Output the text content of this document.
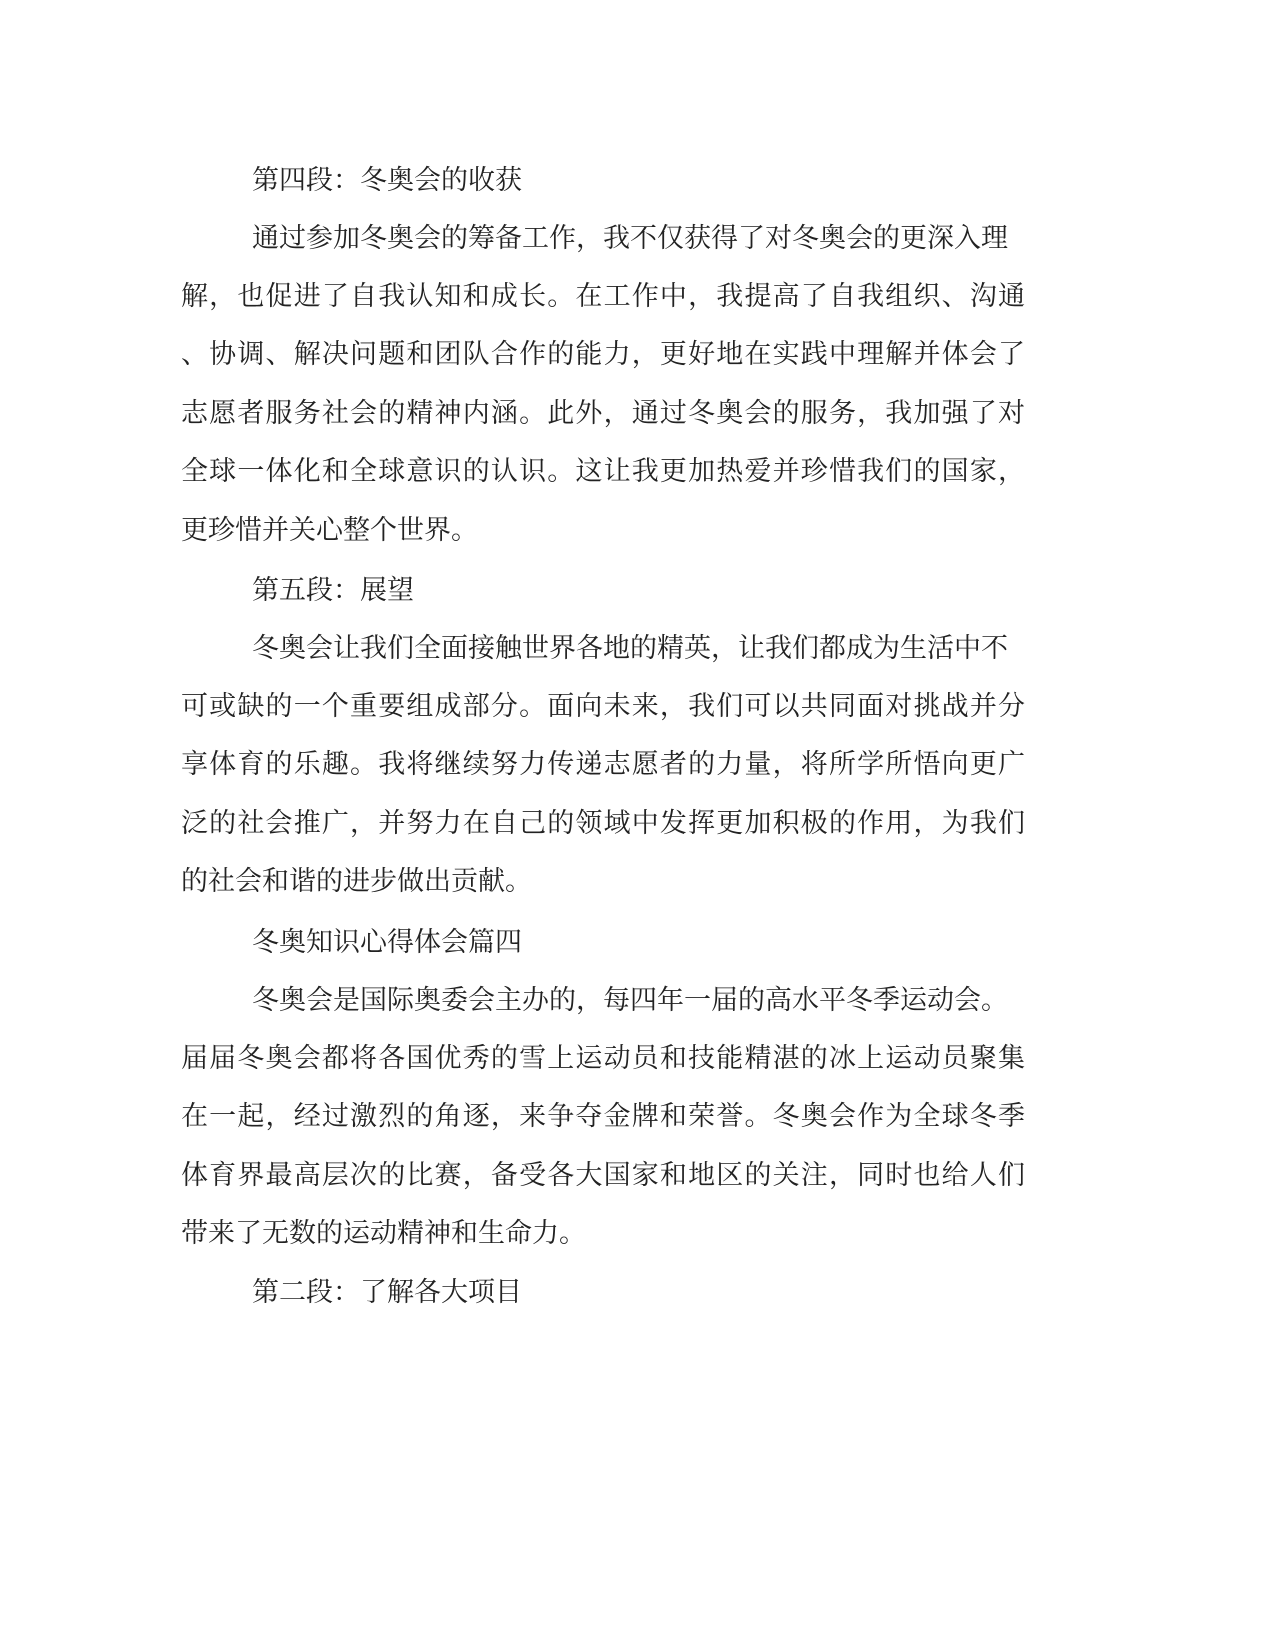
第四段：冬奥会的收获
通过参加冬奥会的筹备工作，我不仅获得了对冬奥会的更深入理
解，也促进了自我认知和成长。在工作中，我提高了自我组织、沟通
、协调、解决问题和团队合作的能力，更好地在实践中理解并体会了
志愿者服务社会的精神内涵。此外，通过冬奥会的服务，我加强了对
全球一体化和全球意识的认识。这让我更加热爱并珍惜我们的国家，
更珍惜并关心整个世界。
第五段：展望
冬奥会让我们全面接触世界各地的精英，让我们都成为生活中不
可或缺的一个重要组成部分。面向未来，我们可以共同面对挑战并分
享体育的乐趣。我将继续努力传递志愿者的力量，将所学所悟向更广
泛的社会推广，并努力在自己的领域中发挥更加积极的作用，为我们
的社会和谐的进步做出贡献。
冬奥知识心得体会篇四
冬奥会是国际奥委会主办的，每四年一届的高水平冬季运动会。
届届冬奥会都将各国优秀的雪上运动员和技能精湛的冰上运动员聚集
在一起，经过激烈的角逐，来争夺金牌和荣誉。冬奥会作为全球冬季
体育界最高层次的比赛，备受各大国家和地区的关注，同时也给人们
带来了无数的运动精神和生命力。
第二段：了解各大项目
